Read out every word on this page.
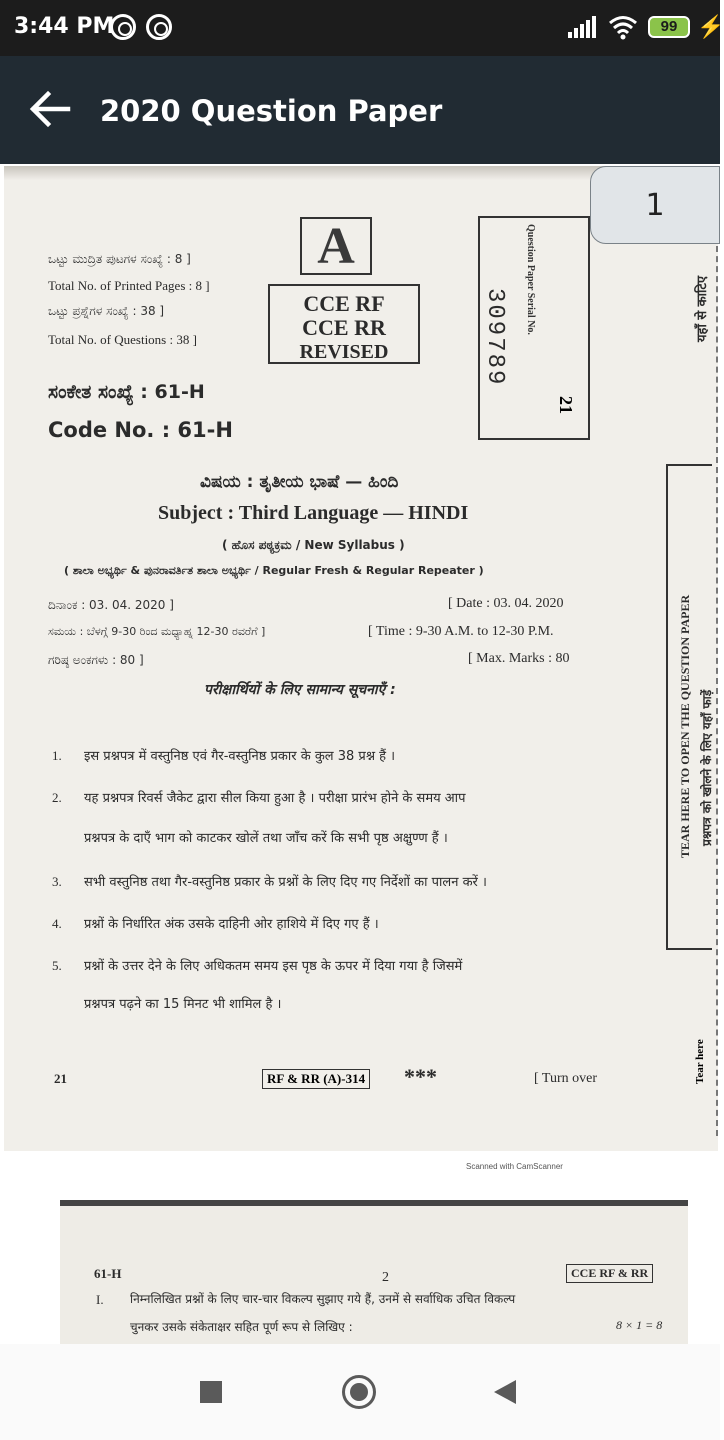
3:44 PM	99 ⚡
2020 Question Paper
ಒಟ್ಟು ಮುದ್ರಿತ ಪುಟಗಳ ಸಂಖ್ಯೆ : 8 ]
Total No. of Printed Pages : 8 ]
ಒಟ್ಟು ಪ್ರಶ್ನೆಗಳ ಸಂಖ್ಯೆ : 38 ]
Total No. of Questions : 38 ]
ಸಂಕೇತ ಸಂಖ್ಯೆ : 61-H
Code No. : 61-H
A
CCE RF
CCE RR
REVISED
Question Paper Serial No.
309789
21
ವಿಷಯ : ತೃತೀಯ ಭಾಷೆ — ಹಿಂದಿ
Subject : Third Language — HINDI
( ಹೊಸ ಪಠ್ಯಕ್ರಮ / New Syllabus )
( ಶಾಲಾ ಅಭ್ಯರ್ಥಿ & ಪುನರಾವರ್ತಿತ ಶಾಲಾ ಅಭ್ಯರ್ಥಿ / Regular Fresh & Regular Repeater )
ದಿನಾಂಕ : 03. 04. 2020 ]	[ Date : 03. 04. 2020
ಸಮಯ : ಬೆಳಗ್ಗೆ 9-30 ರಿಂದ ಮಧ್ಯಾಹ್ನ 12-30 ರವರೆಗೆ ]	[ Time : 9-30 A.M. to 12-30 P.M.
ಗರಿಷ್ಠ ಅಂಕಗಳು : 80 ]	[ Max. Marks : 80
परीक्षार्थियों के लिए सामान्य सूचनाएँ :
1. इस प्रश्नपत्र में वस्तुनिष्ठ एवं गैर-वस्तुनिष्ठ प्रकार के कुल 38 प्रश्न हैं ।
2. यह प्रश्नपत्र रिवर्स जैकेट द्वारा सील किया हुआ है । परीक्षा प्रारंभ होने के समय आप
प्रश्नपत्र के दाएँ भाग को काटकर खोलें तथा जाँच करें कि सभी पृष्ठ अक्षुण्ण हैं ।
3. सभी वस्तुनिष्ठ तथा गैर-वस्तुनिष्ठ प्रकार के प्रश्नों के लिए दिए गए निर्देशों का पालन करें ।
4. प्रश्नों के निर्धारित अंक उसके दाहिनी ओर हाशिये में दिए गए हैं ।
5. प्रश्नों के उत्तर देने के लिए अधिकतम समय इस पृष्ठ के ऊपर में दिया गया है जिसमें
प्रश्नपत्र पढ़ने का 15 मिनट भी शामिल है ।
21	RF & RR (A)-314 ***	[ Turn over
TEAR HERE TO OPEN THE QUESTION PAPER प्रश्नपत्र को खोलने के लिए यहाँ फाड़ें
यहाँ से काटिए
Tear here
Scanned with CamScanner
61-H	2	CCE RF & RR
I. निम्नलिखित प्रश्नों के लिए चार-चार विकल्प सुझाए गये हैं, उनमें से सर्वाधिक उचित विकल्प
चुनकर उसके संकेताक्षर सहित पूर्ण रूप से लिखिए :	8 × 1 = 8
1
